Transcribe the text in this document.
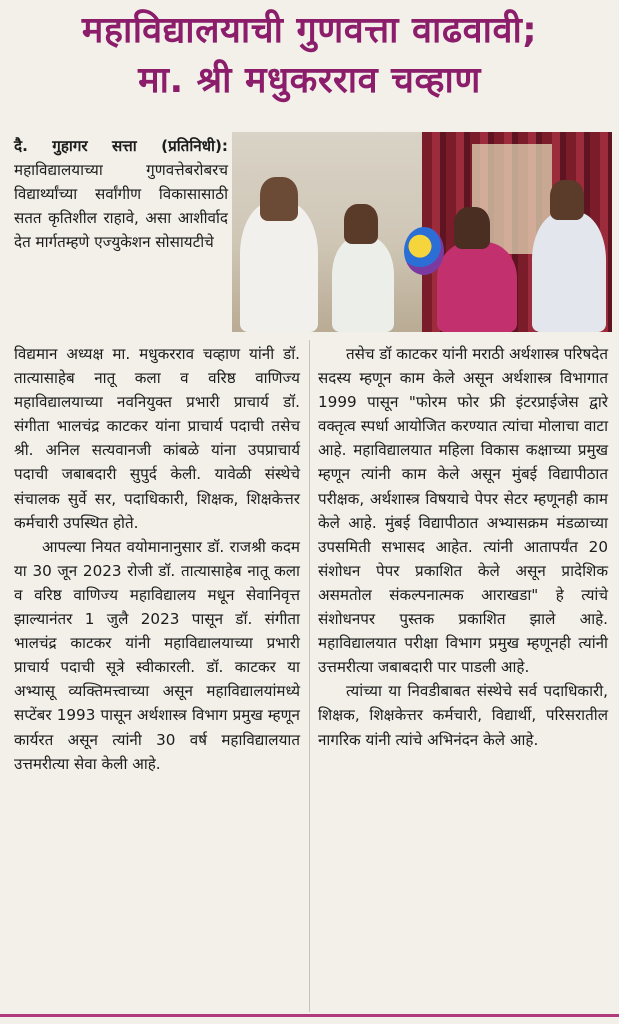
महाविद्यालयाची गुणवत्ता वाढवावी;
मा. श्री मधुकरराव चव्हाण

दै. गुहागर सत्ता (प्रतिनिधी): महाविद्यालयाच्या गुणवत्तेबरोबरच विद्यार्थ्यांच्या सर्वांगीण विकासासाठी सतत कृतिशील राहावे, असा आशीर्वाद देत मार्गतम्हणे एज्युकेशन सोसायटीचे

विद्यमान अध्यक्ष मा. मधुकरराव चव्हाण यांनी डॉ. तात्यासाहेब नातू कला व वरिष्ठ वाणिज्य महाविद्यालयाच्या नवनियुक्त प्रभारी प्राचार्य डॉ. संगीता भालचंद्र काटकर यांना प्राचार्य पदाची तसेच श्री. अनिल सत्यवानजी कांबळे यांना उपप्राचार्य पदाची जबाबदारी सुपुर्द केली. यावेळी संस्थेचे संचालक सुर्वे सर, पदाधिकारी, शिक्षक, शिक्षकेत्तर कर्मचारी उपस्थित होते.

आपल्या नियत वयोमानानुसार डॉ. राजश्री कदम या 30 जून 2023 रोजी डॉ. तात्यासाहेब नातू कला व वरिष्ठ वाणिज्य महाविद्यालय मधून सेवानिवृत्त झाल्यानंतर 1 जुलै 2023 पासून डॉ. संगीता भालचंद्र काटकर यांनी महाविद्यालयाच्या प्रभारी प्राचार्य पदाची सूत्रे स्वीकारली. डॉ. काटकर या अभ्यासू व्यक्तिमत्त्वाच्या असून महाविद्यालयांमध्ये सप्टेंबर 1993 पासून अर्थशास्त्र विभाग प्रमुख म्हणून कार्यरत असून त्यांनी 30 वर्ष महाविद्यालयात उत्तमरीत्या सेवा केली आहे.

तसेच डॉ काटकर यांनी मराठी अर्थशास्त्र परिषदेत सदस्य म्हणून काम केले असून अर्थशास्त्र विभागात 1999 पासून "फोरम फोर फ्री इंटरप्राईजेस द्वारे वक्तृत्व स्पर्धा आयोजित करण्यात त्यांचा मोलाचा वाटा आहे. महाविद्यालयात महिला विकास कक्षाच्या प्रमुख म्हणून त्यांनी काम केले असून मुंबई विद्यापीठात परीक्षक, अर्थशास्त्र विषयाचे पेपर सेटर म्हणूनही काम केले आहे. मुंबई विद्यापीठात अभ्यासक्रम मंडळाच्या उपसमिती सभासद आहेत. त्यांनी आतापर्यंत 20 संशोधन पेपर प्रकाशित केले असून प्रादेशिक असमतोल संकल्पनात्मक आराखडा" हे त्यांचे संशोधनपर पुस्तक प्रकाशित झाले आहे. महाविद्यालयात परीक्षा विभाग प्रमुख म्हणूनही त्यांनी उत्तमरीत्या जबाबदारी पार पाडली आहे.

त्यांच्या या निवडीबाबत संस्थेचे सर्व पदाधिकारी, शिक्षक, शिक्षकेत्तर कर्मचारी, विद्यार्थी, परिसरातील नागरिक यांनी त्यांचे अभिनंदन केले आहे.
